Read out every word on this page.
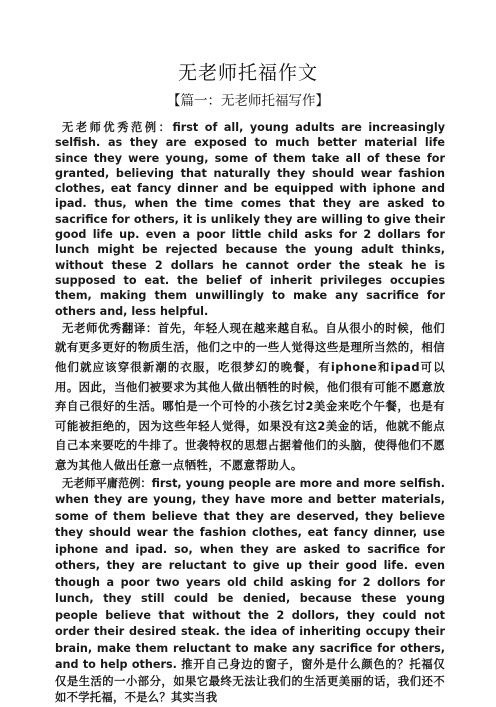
无老师托福作文
【篇一：无老师托福写作】

无老师优秀范例：first of all, young adults are increasingly selfish. as they are exposed to much better material life since they were young, some of them take all of these for granted, believing that naturally they should wear fashion clothes, eat fancy dinner and be equipped with iphone and ipad. thus, when the time comes that they are asked to sacrifice for others, it is unlikely they are willing to give their good life up. even a poor little child asks for 2 dollars for lunch might be rejected because the young adult thinks, without these 2 dollars he cannot order the steak he is supposed to eat. the belief of inherit privileges occupies them, making them unwillingly to make any sacrifice for others and, less helpful.

无老师优秀翻译：首先，年轻人现在越来越自私。自从很小的时候，他们就有更多更好的物质生活，他们之中的一些人觉得这些是理所当然的，相信他们就应该穿很新潮的衣服，吃很梦幻的晚餐，有iphone和ipad可以用。因此，当他们被要求为其他人做出牺牲的时候，他们很有可能不愿意放弃自己很好的生活。哪怕是一个可怜的小孩乞讨2美金来吃个午餐，也是有可能被拒绝的，因为这些年轻人觉得，如果没有这2美金的话，他就不能点自己本来要吃的牛排了。世袭特权的思想占据着他们的头脑，使得他们不愿意为其他人做出任意一点牺牲，不愿意帮助人。

无老师平庸范例：first, young people are more and more selfish. when they are young, they have more and better materials, some of them believe that they are deserved, they believe they should wear the fashion clothes, eat fancy dinner, use iphone and ipad. so, when they are asked to sacrifice for others, they are reluctant to give up their good life. even though a poor two years old child asking for 2 dollors for lunch, they still could be denied, because these young people believe that without the 2 dollors, they could not order their desired steak. the idea of inheriting occupy their brain, make them reluctant to make any sacrifice for others, and to help others. 推开自己身边的窗子，窗外是什么颜色的？托福仅仅是生活的一小部分，如果它最终无法让我们的生活更美丽的话，我们还不如不学托福，不是么？其实当我
